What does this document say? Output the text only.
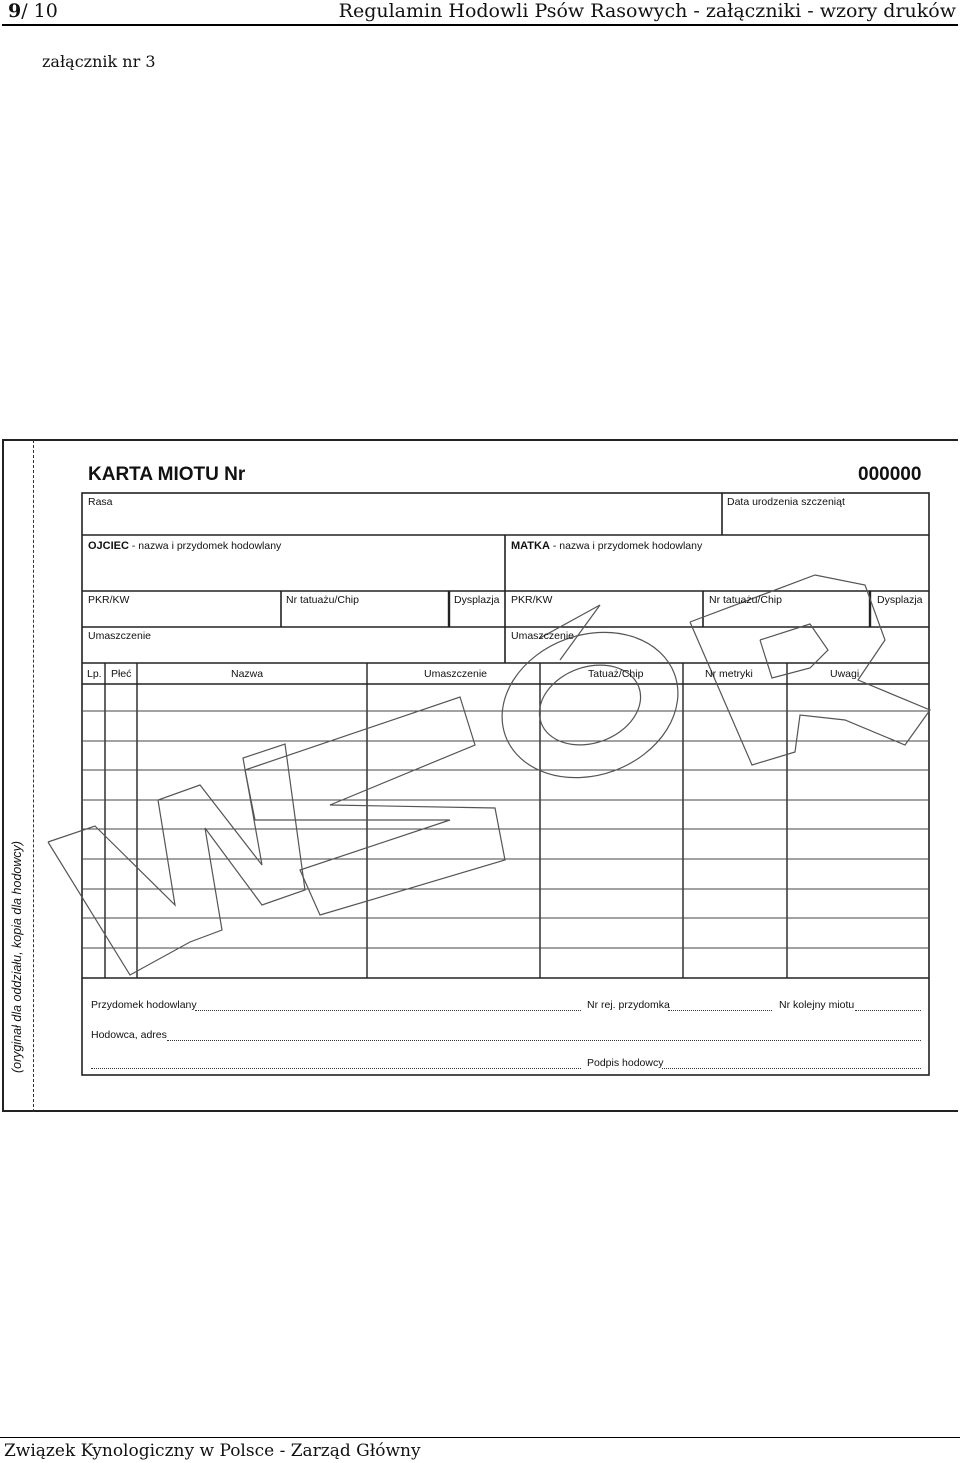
9/ 10	Regulamin Hodowli Psów Rasowych - załączniki - wzory druków
załącznik nr 3
(oryginał dla oddziału, kopia dla hodowcy)
KARTA MIOTU Nr	000000
Rasa	Data urodzenia szczeniąt
OJCIEC - nazwa i przydomek hodowlany	MATKA - nazwa i przydomek hodowlany
PKR/KW	Nr tatuażu/Chip	Dysplazja PKR/KW	Nr tatuażu/Chip	Dysplazja
Umaszczenie	Umaszczenie
Lp. Płeć	Nazwa	Umaszczenie	Tatuaż/Chip	Nr metryki	Uwagi
Przydomek hodowlany	Nr rej. przydomka	Nr kolejny miotu
Hodowca, adres
Podpis hodowcy
Związek Kynologiczny w Polsce - Zarząd Główny
